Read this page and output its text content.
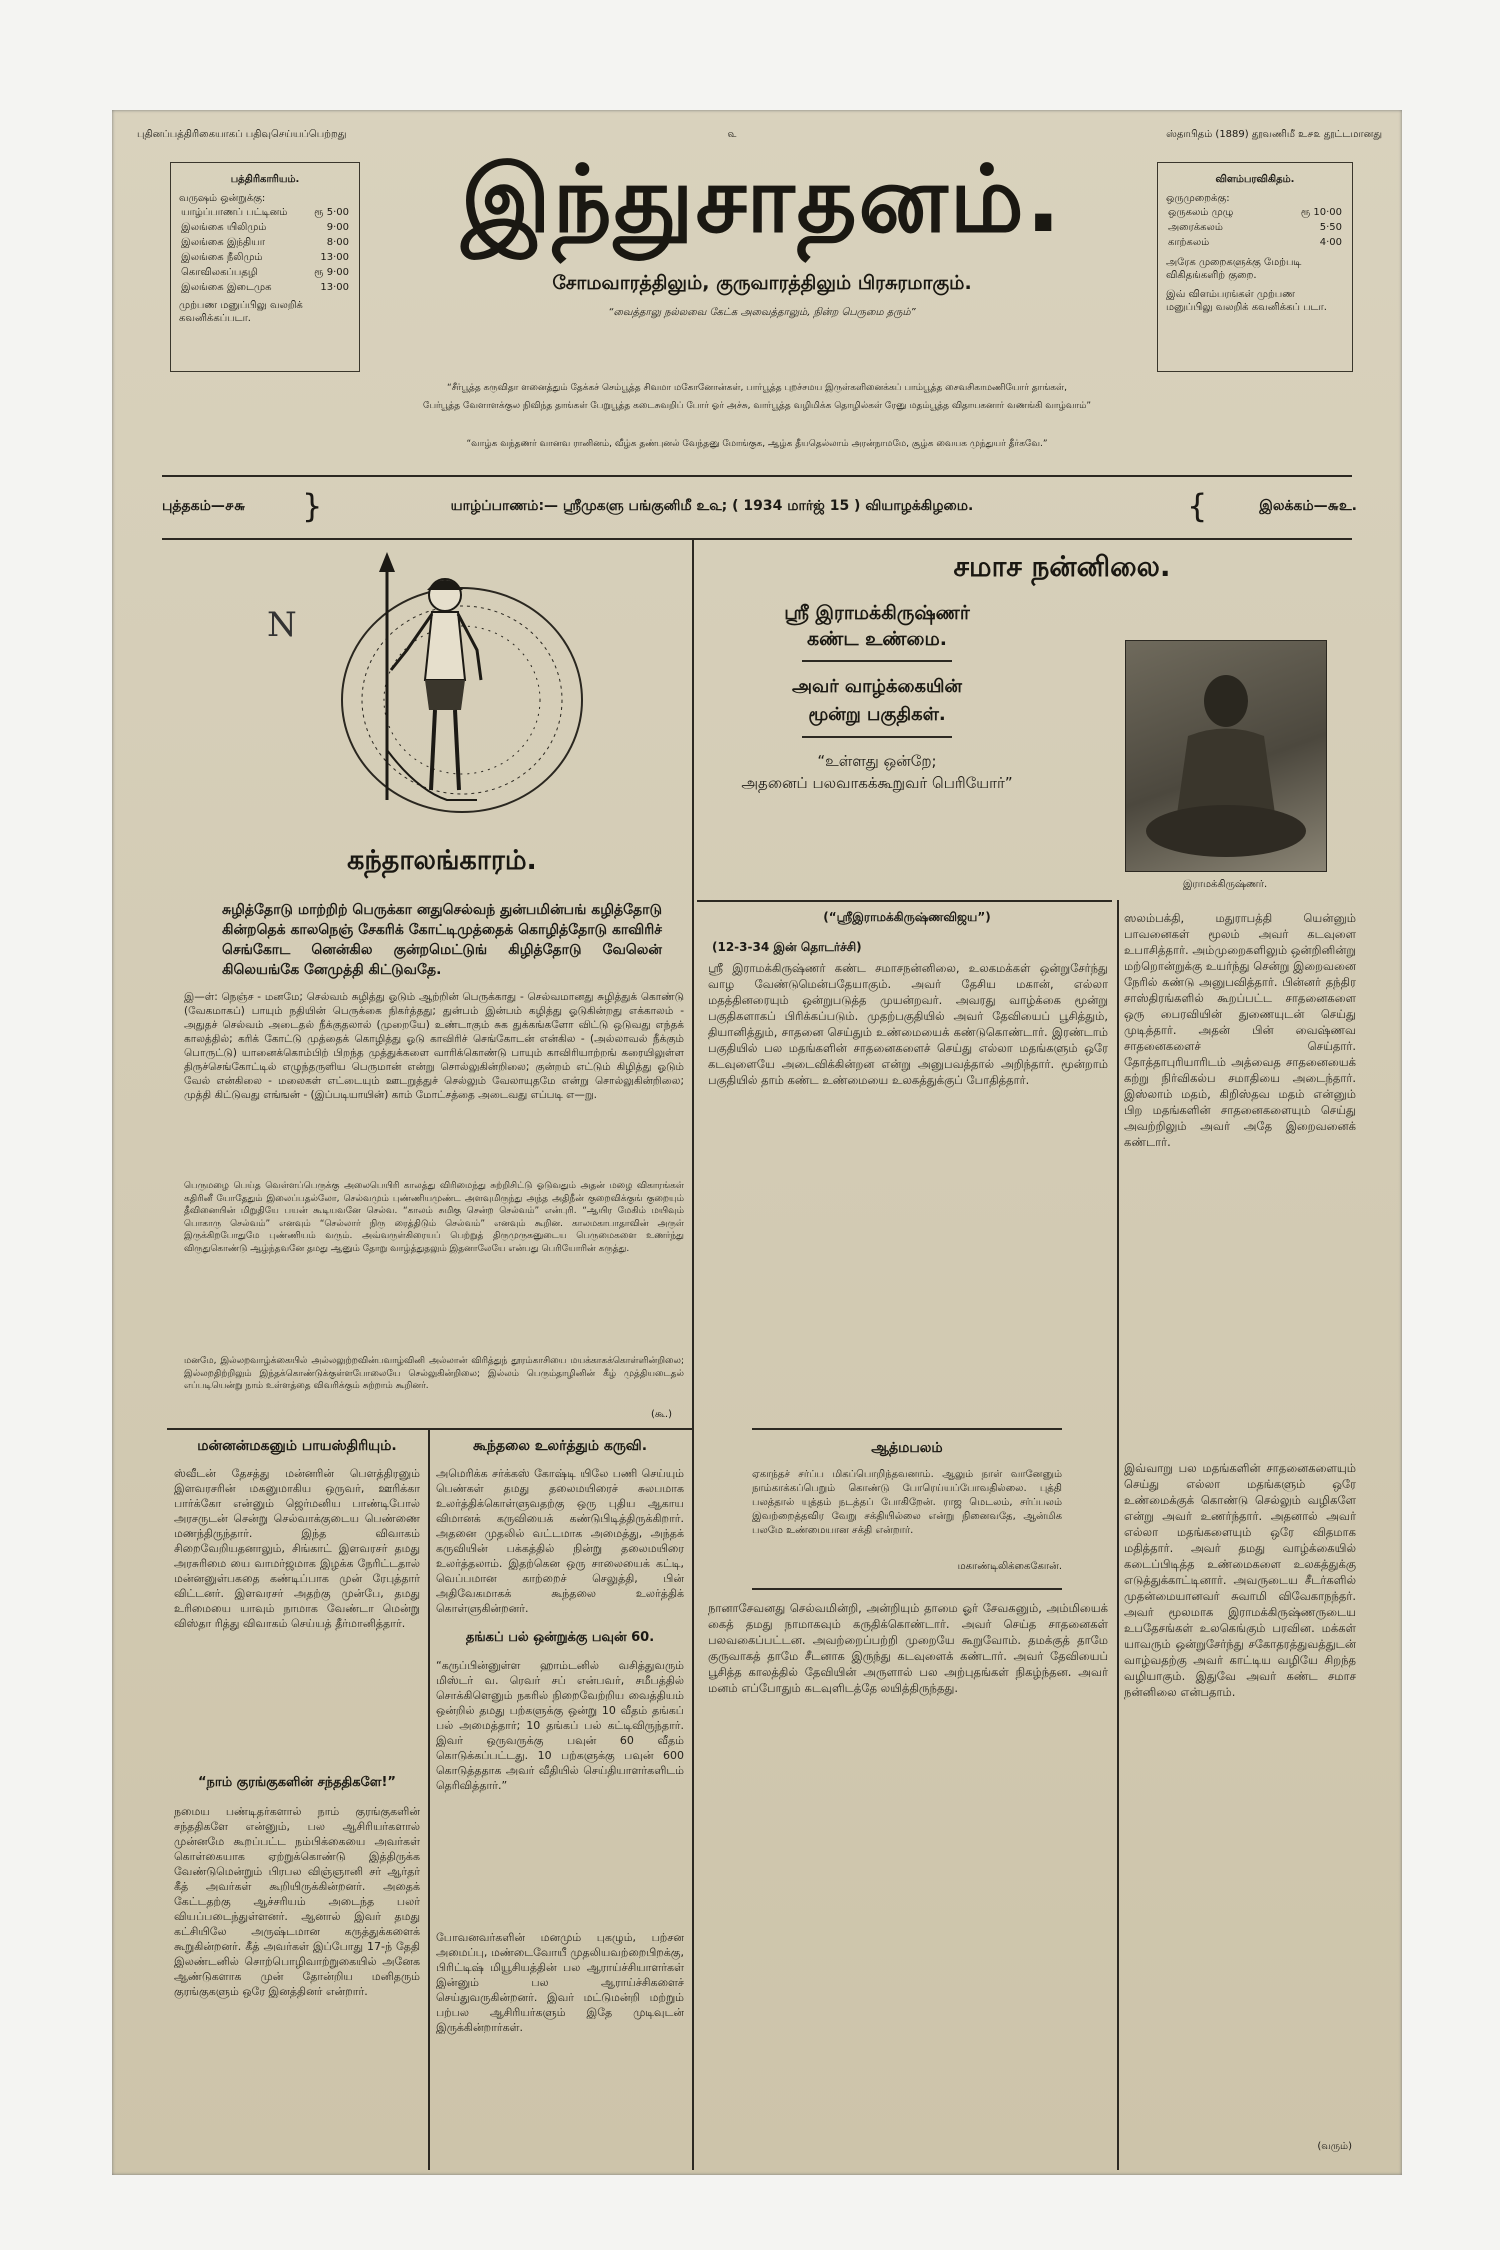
புதினப்பத்திரிகையாகப் பதிவுசெய்யப்பெற்றது	௳	ஸ்தாபிதம் (1889) தூவணிமீ உ௪௨ தூட்டமானது
பத்திரிகாரியம்.
வருஷம் ஒன்றுக்கு:
யாழ்ப்பாணப் பட்டினம்	ரூ 5·00
இலங்கை யிலிமும்	9·00
இலங்கை இந்தியா	8·00
இலங்கை நீலிமும்	13·00
கொவிலகப்பதழி	ரூ 9·00
இலங்கை இடைமுக	13·00
முற்பண மனுப்பிலு வலறிக் கவனிக்கப்படா.
இந்துசாதனம்.
சோமவாரத்திலும், குருவாரத்திலும் பிரசுரமாகும்.
“வைத்தாலு நல்லவை கேட்க அவைத்தாலும், நின்ற பெருமை தரும்”
விளம்பரவிகிதம்.
ஒருமுறைக்கு:
ஒருகலம் முழு	ரூ 10·00
அரைக்கலம்	5·50
காற்கலம்	4·00
அரேக முறைகளுக்கு மேற்படி விகிதங்களிற் குறை.
இவ் விளம்பரங்கள் முற்பண மனுப்பிலு வலறிக் கவனிக்கப் படா.
“சீர்பூத்த கருவிதா ளனைத்தும் தேக்கச் செம்பூத்த சிவமா மகோனோன்கள், பார்பூத்த புறச்சமய இருள்களினைக்கப் பாம்பூத்த சைவசிகாமணியோர் தாங்கள்,
பேர்பூத்த வேளாளக்குல நிவிந்த தாங்கள் பேறுபூத்த கடைசுவறிப் போர் ஓர் அச்சு, வார்பூத்த வழிமிக்க தொழில்கள் ரேனு மதம்பூத்த விதாயகனார் வணங்கி வாழ்வாம்”
“வாழ்க வந்தணர் வானவ ரானினம், வீழ்க தண்புனல் வேந்தனு மோங்குக, ஆழ்க தீயதெல்லாம் அரன்நாமமே, சூழ்க வையக முந்துயர் தீர்கவே.”
புத்தகம்—௪௬ }	யாழ்ப்பாணம்:— ஸ்ரீமுகளு பங்குனிமீ உ௳; ( 1934 மார்ஜ் 15 ) வியாழக்கிழமை.	{	இலக்கம்—௬உ.
N
கந்தாலங்காரம்.
சுழித்தோடு மாற்றிற் பெருக்கா னதுசெல்வந் துன்பமின்பங் கழித்தோடு கின்றதெக் காலநெஞ் சேகரிக் கோட்டிமுத்தைக் கொழித்தோடு காவிரிச் செங்கோட னென்கில குன்றமெட்டுங் கிழித்தோடு வேலென் கிலெயங்கே னேமுத்தி கிட்டுவதே.
இ—ள்: நெஞ்ச - மனமே; செல்வம் சுழித்து ஓடும் ஆற்றின் பெருக்காது - செல்வமானது சுழித்துக் கொண்டு (வேகமாகப்) பாயும் நதியின் பெருக்கை நிகர்த்தது; துன்பம் இன்பம் கழித்து ஓடுகின்றது எக்காலம் - அதுதச் செல்வம் அடைதல் நீக்குதலால் (முறையே) உண்டாகும் சுக துக்கங்களோ விட்டு ஒடுவது எந்தக் காலத்தில்; கரிக் கோட்டு முத்தைக் கொழித்து ஓடு காவிரிச் செங்கோடன் என்கில - (அல்லாவல் நீக்கும் பொருட்டு) யானைக்கொம்பிற் பிறந்த முத்துக்களை வாரிக்கொண்டு பாயும் காவிரியாற்றங் கரையிலுள்ள திருச்செங்கோட்டில் எழுந்தருளிய பெருமான் என்று சொல்லுகின்றிலை; குன்றம் எட்டும் கிழித்து ஓடும் வேல் என்கிலை - மலைகள் எட்டையும் ஊடறுத்துச் செல்லும் வேலாயுதமே என்று சொல்லுகின்றிலை; முத்தி கிட்டுவது எங்ஙன் - (இப்படியாயின்) காம் மோட்சத்தை அடைவது எப்படி எ—று.
பெருமழை பெய்த வெள்ளப்பெருக்கு அலைபெயிரி காலத்து விரிமைந்து சுற்றிசிட்டு ஓடுவதும் அதன் மழை விகாரங்கள் கதிரினீ யோதேதும் இலைப்பதல்லோ, செல்வமும் புண்ணியமுண்ட அளவுமிருந்து அந்த அதிநீன் குறைவிக்குங் குறையும் தீவினையின் மிறுதியே பயன் கூடியவனே செல்வ. “காலம் சுமிகு சென்ற செல்வம்” என்புரி. “ஆயிர மேகிம் மயிவும் பொகாரு செல்வம்” எனவும் “செல்லார் நிரு ரைத்திடும் செல்வம்” எனவும் கூறின. காலமகாபாதாவின் அருள் இருக்கிறபோதுமே புண்ணியம் வரும். அவ்வருள்கிரையப் பெற்றுத் திருமுருகனுடைய பெருமைகளை உணர்ந்து விருதுகொண்டு ஆழ்ந்தவனே தமது ஆனும் தோறு வாழ்த்துதலும் இதனாலேயே என்பது பெரியோரின் கருத்து.
மனமே, இல்லறவாழ்க்கையில் அல்லலுற்றவின்பவாழ்வினி அல்லான் விரித்துந் தூரம்காசியை மயக்காகக்கொள்ளின்றிலை; இல்லறதிற்றிலும் இந்தக்கொண்டுக்குள்ளபோலையே செல்லுகின்றிலை; இல்லம் பெரும்தாழினின் கீழ் முத்தியடைதல் எப்படியென்று நாம் உள்ளத்தை விவரிக்கும் சுற்றாம் கூறினர்.
(கூ.)
மன்னன்மகனும் பாயஸ்திரியும்.
ஸ்வீடன் தேசத்து மன்னரின் பௌத்திரனும் இளவரசரின் மகனுமாகிய ஒருவர், ஊரிக்கா பார்க்கோ என்னும் ஜெர்மனிய பாண்டிபோல் அரசருடன் சென்று செல்வாக்குடைய பெண்ணை மணந்திருந்தார். இந்த விவாகம் சிறைவேறியதனாலும், சிங்காட் இளவரசர் தமது அரசுரிமை யை வாமர்ஜமாக இழக்க நேரிட்டதால் மன்னனுள்பகதை கண்டிப்பாக முன் ரேபுத்தார் விட்டனர். இளவரசர் அதற்கு முன்பே, தமது உரிமையை யாவும் நாமாக வேண்டா மென்று விஸ்தா ரித்து விவாகம் செய்யத் தீர்மானித்தார்.
“நாம் குரங்குகளின் சந்ததிகளே!”
நமைய பண்டிதர்களால் நாம் குரங்குகளின் சந்ததிகளே என்னும், பல ஆசிரியர்களால் முன்னமே கூறப்பட்ட நம்பிக்கையை அவர்கள் கொள்கையாக ஏற்றுக்கொண்டு இத்திருக்க வேண்டுமென்றும் பிரபல விஞ்ஞானி சர் ஆர்தர் கீத் அவர்கள் கூறியிருக்கின்றனர். அதைக் கேட்டதற்கு ஆச்சரியம் அடைந்த பலர் வியப்படைந்துள்ளனர். ஆனால் இவர் தமது கட்சியிலே அருஷ்டமான கருத்துக்களைக் கூறுகின்றனர். கீத் அவர்கள் இப்போது 17-ந் தேதி இலண்டனில் சொற்பொழிவாற்றுகையில் அனேக ஆண்டுகளாக முன் தோன்றிய மனிதரும் குரங்குகளும் ஒரே இனத்தினர் என்றார்.
கூந்தலை உலர்த்தும் கருவி.
அமெரிக்க சர்க்கஸ் கோஷ்டி யிலே பணி செய்யும் பெண்கள் தமது தலைமயிரைச் சுலபமாக உலர்த்திக்கொள்ளுவதற்கு ஒரு புதிய ஆகாய விமானக் கருவியைக் கண்டுபிடித்திருக்கிறார். அதனை முதலில் வட்டமாக அமைத்து, அந்தக் கருவியின் பக்கத்தில் நின்று தலைமயிரை உலர்த்தலாம். இதற்கென ஒரு சாலையைக் கட்டி, வெப்பமான காற்றைச் செலுத்தி, பின் அதிவேகமாகக் கூந்தலை உலர்த்திக் கொள்ளுகின்றனர்.
தங்கப் பல் ஒன்றுக்கு பவுன் 60.
“கருப்பின்னுள்ள ஹாம்டனில் வசித்துவரும் மிஸ்டர் வ. ரெவர் சப் என்பவர், சமீபத்தில் சொக்கிளெனும் நகரில் நிறைவேற்றிய வைத்தியம் ஒன்றில் தமது பற்களுக்கு ஒன்று 10 வீதம் தங்கப் பல் அமைத்தார்; 10 தங்கப் பல் கட்டிவிருந்தார். இவர் ஒருவருக்கு பவுன் 60 வீதம் கொடுக்கப்பட்டது. 10 பற்களுக்கு பவுன் 600 கொடுத்ததாக அவர் வீதியில் செய்தியாளர்களிடம் தெரிவித்தார்.”
போவனவர்களின் மனமும் புகழும், பற்சன அமைப்பு, மண்டைவோயீ முதலியவற்றைபிறக்கு, பிரிட்டிஷ் மியூசியத்தின் பல ஆராய்ச்சியாளர்கள் இன்னும் பல ஆராய்ச்சிகளைச் செய்துவருகின்றனர். இவர் மட்டுமன்றி மற்றும் பற்பல ஆசிரியர்களும் இதே முடிவுடன் இருக்கின்றார்கள்.
சமாச நன்னிலை.
ஸ்ரீ இராமக்கிருஷ்ணர்
கண்ட உண்மை.
அவர் வாழ்க்கையின்
மூன்று பகுதிகள்.
“உள்ளது ஒன்றே;
அதனைப் பலவாகக்கூறுவர் பெரியோர்”
இராமக்கிருஷ்ணர்.
(“ஸ்ரீஇராமக்கிருஷ்ணவிஜய”)
(12-3-34 இன் தொடர்ச்சி)
ஸ்ரீ இராமக்கிருஷ்ணர் கண்ட சமாசநன்னிலை, உலகமக்கள் ஒன்றுசேர்ந்து வாழ வேண்டுமென்பதேயாகும். அவர் தேசிய மகான், எல்லா மதத்தினரையும் ஒன்றுபடுத்த முயன்றவர். அவரது வாழ்க்கை மூன்று பகுதிகளாகப் பிரிக்கப்படும். முதற்பகுதியில் அவர் தேவியைப் பூசித்தும், தியானித்தும், சாதனை செய்தும் உண்மையைக் கண்டுகொண்டார். இரண்டாம் பகுதியில் பல மதங்களின் சாதனைகளைச் செய்து எல்லா மதங்களும் ஒரே கடவுளையே அடைவிக்கின்றன என்று அனுபவத்தால் அறிந்தார். மூன்றாம் பகுதியில் தாம் கண்ட உண்மையை உலகத்துக்குப் போதித்தார்.
ஆத்மபலம்
ஏகாந்தச் சர்ப்ப மிகப்பொறிந்தவனாம். ஆலும் நாள் வானேனும் நாம்காக்கப்பெறும் கொண்டு போரெய்யப்போவதில்லை. புத்தி பலத்தால் யுத்தம் நடத்தப் போகிறேன். ராஜ மெடலம், சர்ப்பலம் இவற்றைத்தவிர வேறு சக்தியில்லை என்று நினைவதே, ஆன்மிக பலமே உண்மையான சக்தி என்றார்.
மகாண்டிலிக்கைகோன்.
நானாசேவனது செல்வமின்றி, அன்றியும் தாமை ஓர் சேவகனும், அம்மியைக் கைத் தமது நாமாகவும் கருதிக்கொண்டார். அவர் செய்த சாதனைகள் பலவகைப்பட்டன. அவற்றைப்பற்றி முறையே கூறுவோம். தமக்குத் தாமே குருவாகத் தாமே சீடனாக இருந்து கடவுளைக் கண்டார். அவர் தேவியைப் பூசித்த காலத்தில் தேவியின் அருளால் பல அற்புதங்கள் நிகழ்ந்தன. அவர் மனம் எப்போதும் கடவுளிடத்தே லயித்திருந்தது.
ஸலம்பக்தி, மதுராபத்தி யென்னும் பாவனைகள் மூலம் அவர் கடவுளை உபாசித்தார். அம்முறைகளிலும் ஒன்றினின்று மற்றொன்றுக்கு உயர்ந்து சென்று இறைவனை நேரில் கண்டு அனுபவித்தார். பின்னர் தந்திர சாஸ்திரங்களில் கூறப்பட்ட சாதனைகளை ஒரு பைரவியின் துணையுடன் செய்து முடித்தார். அதன் பின் வைஷ்ணவ சாதனைகளைச் செய்தார். தோத்தாபுரியாரிடம் அத்வைத சாதனையைக் கற்று நிர்விகல்ப சமாதியை அடைந்தார். இஸ்லாம் மதம், கிறிஸ்தவ மதம் என்னும் பிற மதங்களின் சாதனைகளையும் செய்து அவற்றிலும் அவர் அதே இறைவனைக் கண்டார்.
இவ்வாறு பல மதங்களின் சாதனைகளையும் செய்து எல்லா மதங்களும் ஒரே உண்மைக்குக் கொண்டு செல்லும் வழிகளே என்று அவர் உணர்ந்தார். அதனால் அவர் எல்லா மதங்களையும் ஒரே விதமாக மதித்தார். அவர் தமது வாழ்க்கையில் கடைப்பிடித்த உண்மைகளை உலகத்துக்கு எடுத்துக்காட்டினார். அவருடைய சீடர்களில் முதன்மையானவர் சுவாமி விவேகாநந்தர். அவர் மூலமாக இராமக்கிருஷ்ணருடைய உபதேசங்கள் உலகெங்கும் பரவின. மக்கள் யாவரும் ஒன்றுசேர்ந்து சகோதரத்துவத்துடன் வாழ்வதற்கு அவர் காட்டிய வழியே சிறந்த வழியாகும். இதுவே அவர் கண்ட சமாச நன்னிலை என்பதாம்.
(வரும்)
